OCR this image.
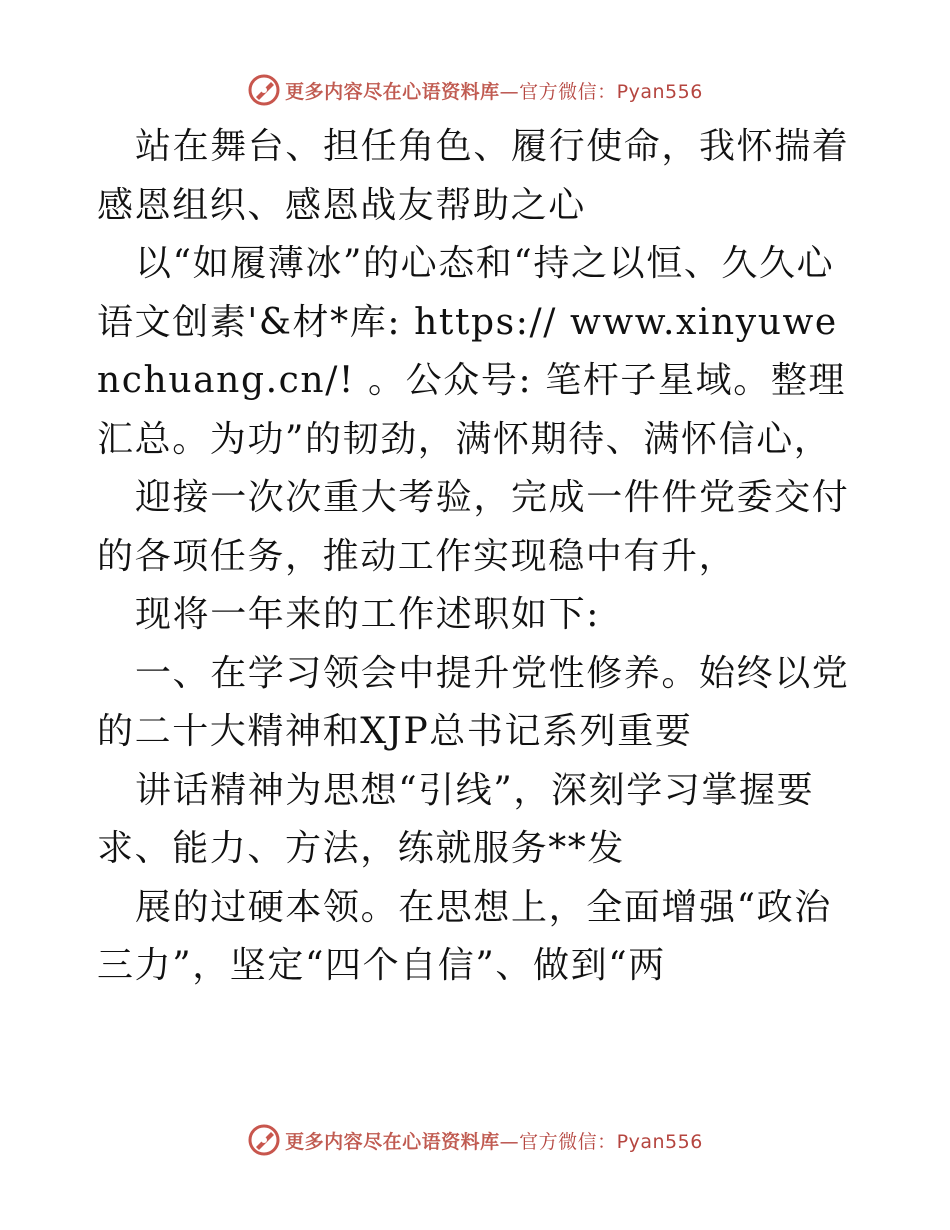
更多内容尽在心语资料库—官方微信：Pyan556

站在舞台、担任角色、履行使命，我怀揣着感恩组织、感恩战友帮助之心

以“如履薄冰”的心态和“持之以恒、久久心语文创素'&材*库: https:// www.xinyuwenchuang.cn/! 。公众号: 笔杆子星域。整理汇总。为功”的韧劲，满怀期待、满怀信心，

迎接一次次重大考验，完成一件件党委交付的各项任务，推动工作实现稳中有升，

现将一年来的工作述职如下:

一、在学习领会中提升党性修养。始终以党的二十大精神和XJP总书记系列重要

讲话精神为思想“引线”，深刻学习掌握要求、能力、方法，练就服务**发

展的过硬本领。在思想上，全面增强“政治三力”，坚定“四个自信”、做到“两

更多内容尽在心语资料库—官方微信：Pyan556
